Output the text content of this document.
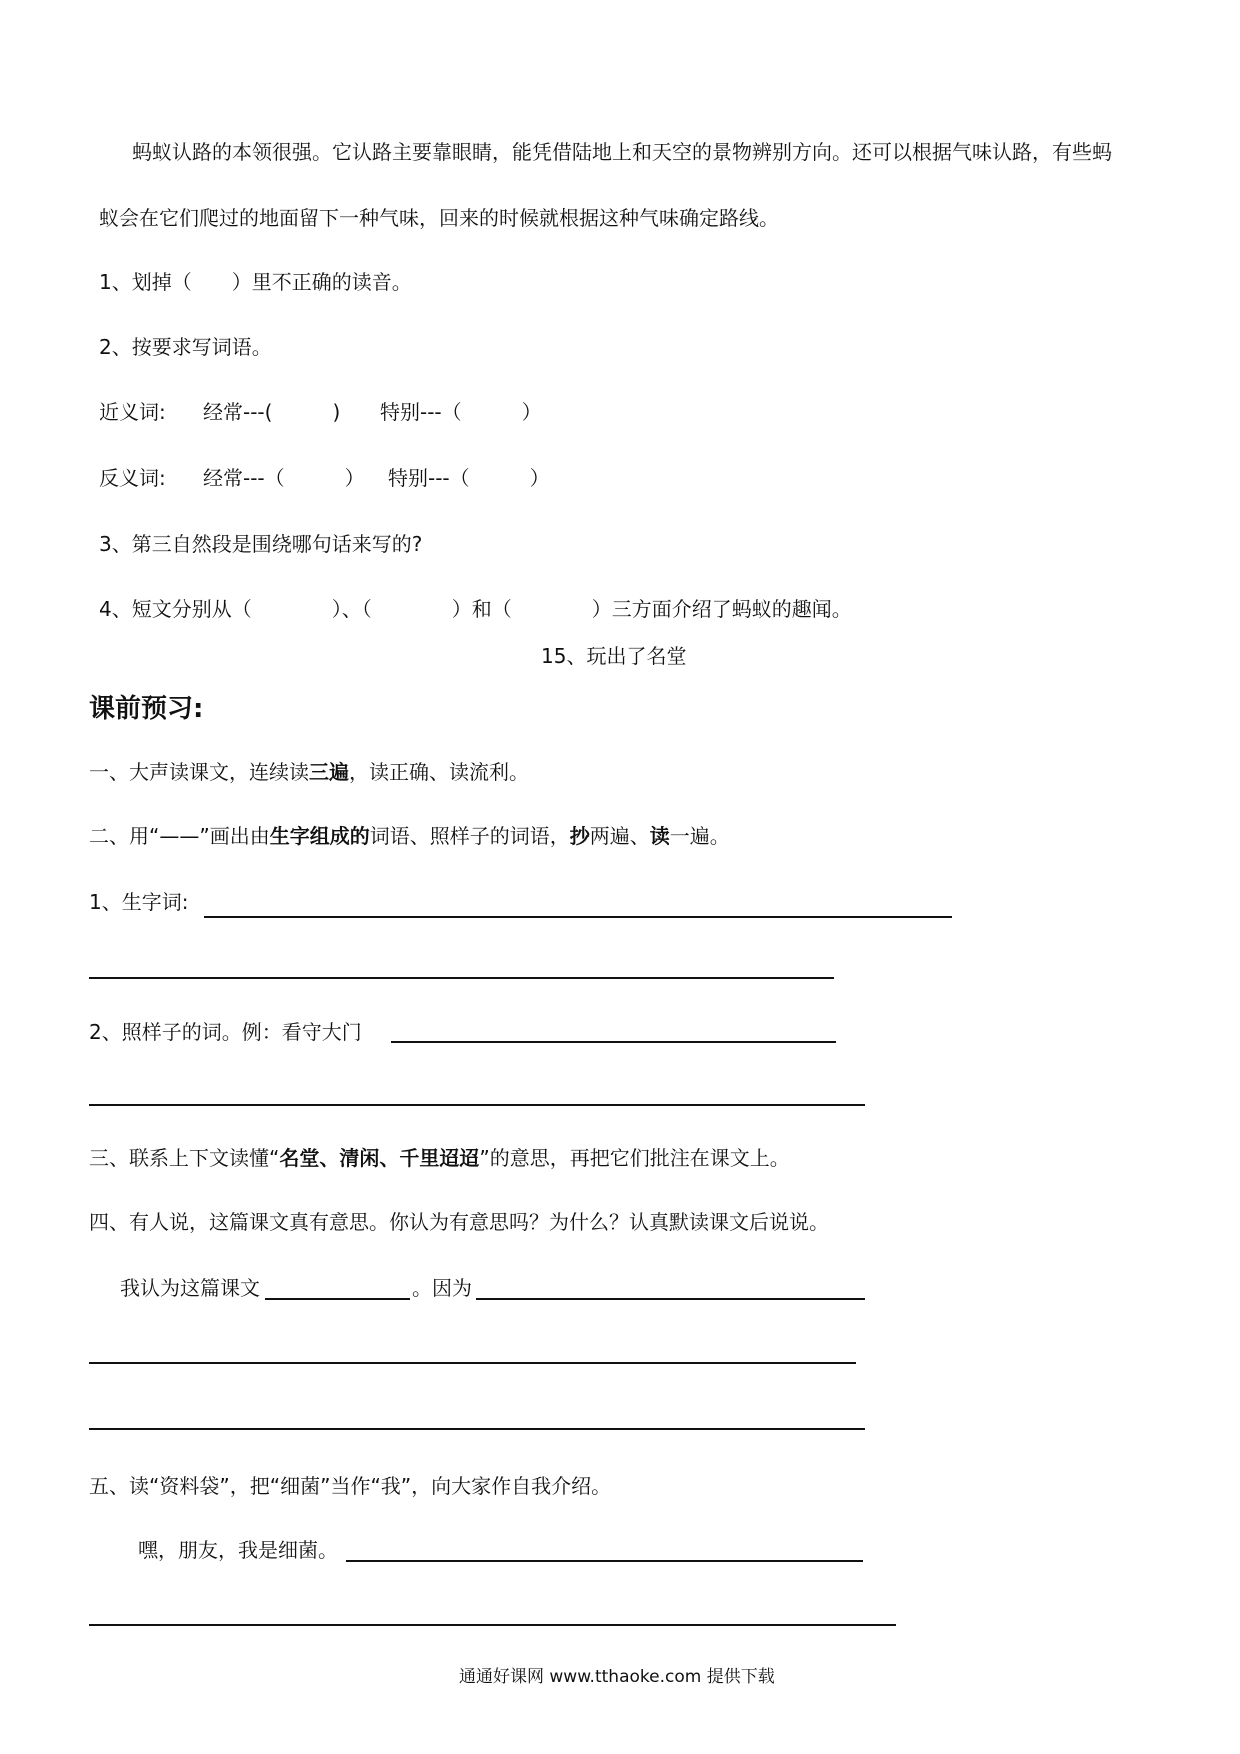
蚂蚁认路的本领很强。它认路主要靠眼睛，能凭借陆地上和天空的景物辨别方向。还可以根据气味认路，有些蚂
蚁会在它们爬过的地面留下一种气味，回来的时候就根据这种气味确定路线。
1、划掉（　　）里不正确的读音。
2、按要求写词语。
近义词: 经常---(　　　) 特别---（　　　）
反义词: 经常---（　　　） 特别---（　　　）
3、第三自然段是围绕哪句话来写的?
4、短文分别从（　　　　）、（　　　　）和（　　　　）三方面介绍了蚂蚁的趣闻。
15、玩出了名堂
课前预习:
一、大声读课文，连续读三遍，读正确、读流利。
二、用“——”画出由生字组成的词语、照样子的词语，抄两遍、读一遍。
1、生字词:
2、照样子的词。例：看守大门
三、联系上下文读懂“名堂、清闲、千里迢迢”的意思，再把它们批注在课文上。
四、有人说，这篇课文真有意思。你认为有意思吗？为什么？认真默读课文后说说。
我认为这篇课文	。因为
五、读“资料袋”，把“细菌”当作“我”，向大家作自我介绍。
嘿，朋友，我是细菌。
通通好课网 www.tthaoke.com 提供下载
